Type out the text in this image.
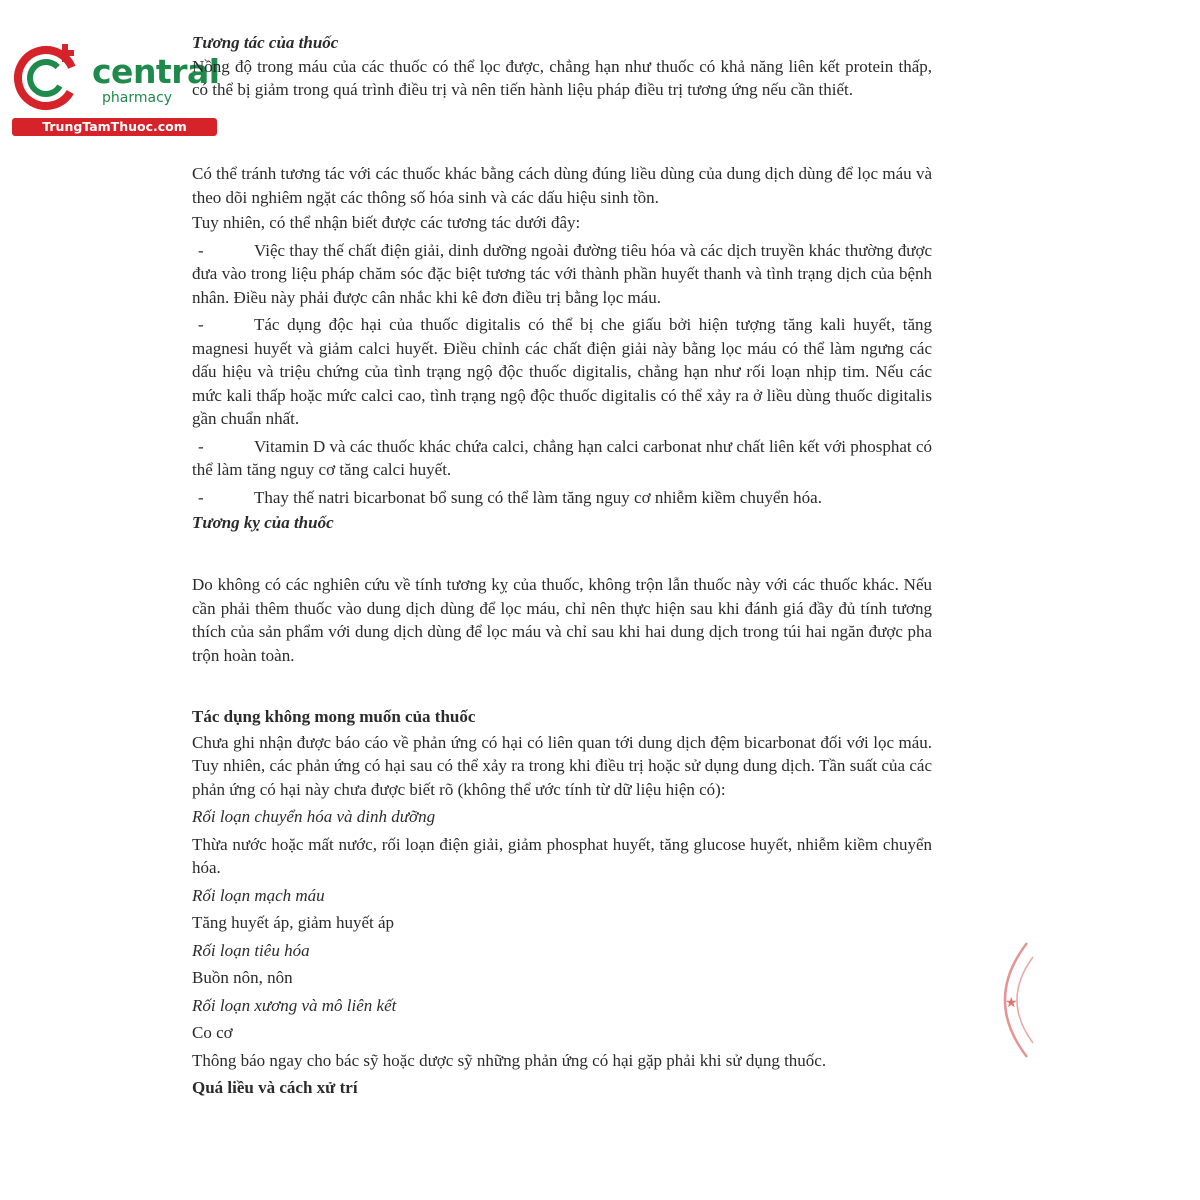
central
pharmacy
TrungTamThuoc.com

Tương tác của thuốc

Nồng độ trong máu của các thuốc có thể lọc được, chẳng hạn như thuốc có khả năng liên kết protein thấp, có thể bị giảm trong quá trình điều trị và nên tiến hành liệu pháp điều trị tương ứng nếu cần thiết.

Có thể tránh tương tác với các thuốc khác bằng cách dùng đúng liều dùng của dung dịch dùng để lọc máu và theo dõi nghiêm ngặt các thông số hóa sinh và các dấu hiệu sinh tồn.

Tuy nhiên, có thể nhận biết được các tương tác dưới đây:

-	Việc thay thế chất điện giải, dinh dưỡng ngoài đường tiêu hóa và các dịch truyền khác thường được đưa vào trong liệu pháp chăm sóc đặc biệt tương tác với thành phần huyết thanh và tình trạng dịch của bệnh nhân. Điều này phải được cân nhắc khi kê đơn điều trị bằng lọc máu.
-	Tác dụng độc hại của thuốc digitalis có thể bị che giấu bởi hiện tượng tăng kali huyết, tăng magnesi huyết và giảm calci huyết. Điều chỉnh các chất điện giải này bằng lọc máu có thể làm ngưng các dấu hiệu và triệu chứng của tình trạng ngộ độc thuốc digitalis, chẳng hạn như rối loạn nhịp tim. Nếu các mức kali thấp hoặc mức calci cao, tình trạng ngộ độc thuốc digitalis có thể xảy ra ở liều dùng thuốc digitalis gần chuẩn nhất.
-	Vitamin D và các thuốc khác chứa calci, chẳng hạn calci carbonat như chất liên kết với phosphat có thể làm tăng nguy cơ tăng calci huyết.
-	Thay thế natri bicarbonat bổ sung có thể làm tăng nguy cơ nhiễm kiềm chuyển hóa.

Tương kỵ của thuốc

Do không có các nghiên cứu về tính tương kỵ của thuốc, không trộn lẫn thuốc này với các thuốc khác. Nếu cần phải thêm thuốc vào dung dịch dùng để lọc máu, chỉ nên thực hiện sau khi đánh giá đầy đủ tính tương thích của sản phẩm với dung dịch dùng để lọc máu và chỉ sau khi hai dung dịch trong túi hai ngăn được pha trộn hoàn toàn.

Tác dụng không mong muốn của thuốc

Chưa ghi nhận được báo cáo về phản ứng có hại có liên quan tới dung dịch đệm bicarbonat đối với lọc máu. Tuy nhiên, các phản ứng có hại sau có thể xảy ra trong khi điều trị hoặc sử dụng dung dịch. Tần suất của các phản ứng có hại này chưa được biết rõ (không thể ước tính từ dữ liệu hiện có):

Rối loạn chuyển hóa và dinh dưỡng

Thừa nước hoặc mất nước, rối loạn điện giải, giảm phosphat huyết, tăng glucose huyết, nhiễm kiềm chuyển hóa.

Rối loạn mạch máu

Tăng huyết áp, giảm huyết áp

Rối loạn tiêu hóa

Buồn nôn, nôn

Rối loạn xương và mô liên kết

Co cơ

Thông báo ngay cho bác sỹ hoặc dược sỹ những phản ứng có hại gặp phải khi sử dụng thuốc.

Quá liều và cách xử trí

★
